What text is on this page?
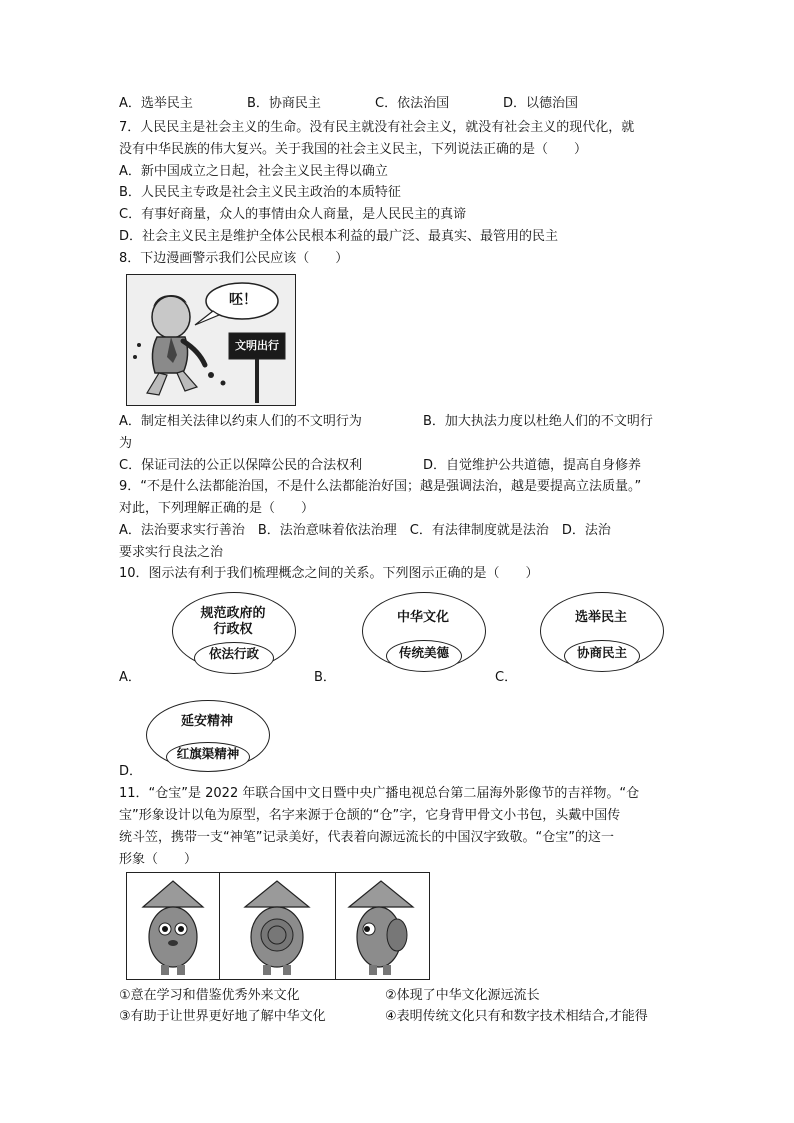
A．选举民主	B．协商民主	C．依法治国	D．以德治国
7．人民民主是社会主义的生命。没有民主就没有社会主义，就没有社会主义的现代化，就
没有中华民族的伟大复兴。关于我国的社会主义民主，下列说法正确的是（　　）
A．新中国成立之日起，社会主义民主得以确立
B．人民民主专政是社会主义民主政治的本质特征
C．有事好商量，众人的事情由众人商量，是人民民主的真谛
D．社会主义民主是维护全体公民根本利益的最广泛、最真实、最管用的民主
8．下边漫画警示我们公民应该（　　）
呸！
文明出行
A．制定相关法律以约束人们的不文明行为	B．加大执法力度以杜绝人们的不文明行
为
C．保证司法的公正以保障公民的合法权利	D．自觉维护公共道德，提高自身修养
9．“不是什么法都能治国，不是什么法都能治好国；越是强调法治，越是要提高立法质量。”
对此，下列理解正确的是（　　）
A．法治要求实行善治　B．法治意味着依法治理　C．有法律制度就是法治　D．法治
要求实行良法之治
10．图示法有利于我们梳理概念之间的关系。下列图示正确的是（　　）
规范政府的
行政权
依法行政
A．
中华文化
传统美德
B．
选举民主
协商民主
C．
延安精神
红旗渠精神
D．
11．“仓宝”是 2022 年联合国中文日暨中央广播电视总台第二届海外影像节的吉祥物。“仓
宝”形象设计以龟为原型，名字来源于仓颉的“仓”字，它身背甲骨文小书包，头戴中国传
统斗笠，携带一支“神笔”记录美好，代表着向源远流长的中国汉字致敬。“仓宝”的这一
形象（　　）
①意在学习和借鉴优秀外来文化	②体现了中华文化源远流长
③有助于让世界更好地了解中华文化	④表明传统文化只有和数字技术相结合,才能得
